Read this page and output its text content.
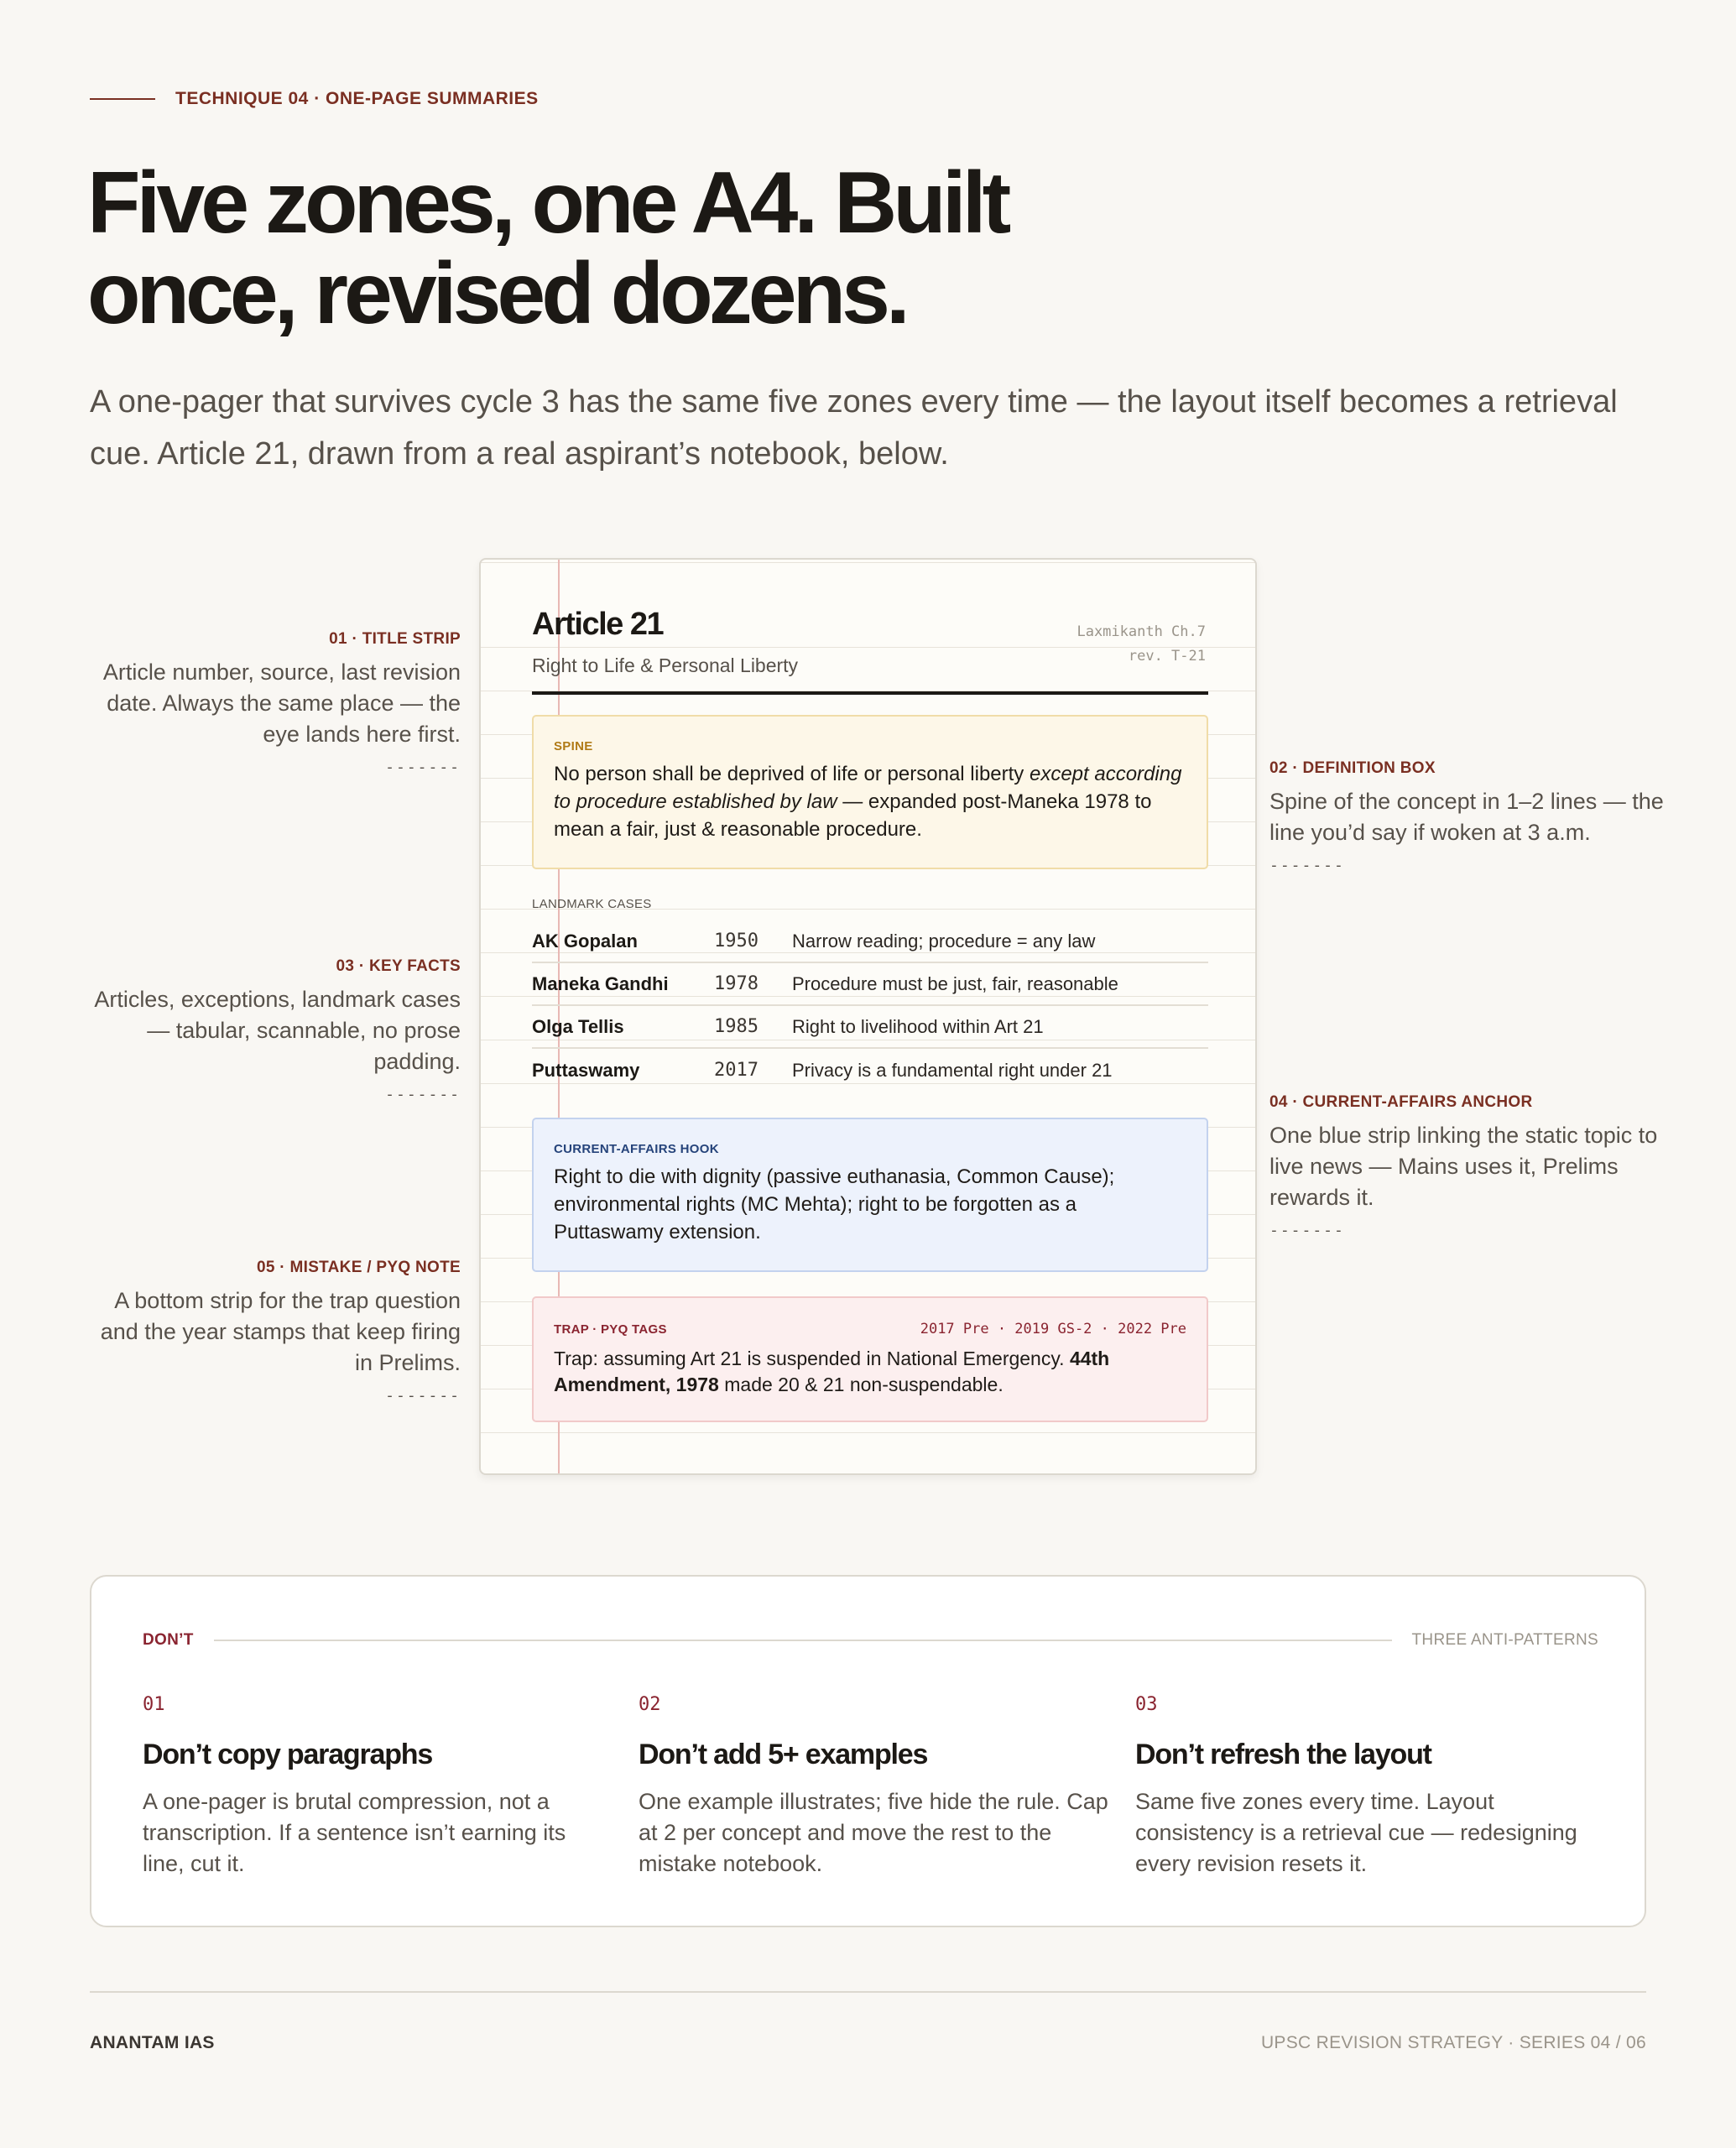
TECHNIQUE 04 · ONE-PAGE SUMMARIES
Five zones, one A4. Built
once, revised dozens.

A one-pager that survives cycle 3 has the same five zones every time — the layout itself becomes a retrieval cue. Article 21, drawn from a real aspirant’s notebook, below.

01 · TITLE STRIP
Article number, source, last revision date. Always the same place — the eye lands here first.
-------
03 · KEY FACTS
Articles, exceptions, landmark cases — tabular, scannable, no prose padding.
-------
05 · MISTAKE / PYQ NOTE
A bottom strip for the trap question and the year stamps that keep firing in Prelims.
-------
02 · DEFINITION BOX
Spine of the concept in 1–2 lines — the line you’d say if woken at 3 a.m.
-------
04 · CURRENT-AFFAIRS ANCHOR
One blue strip linking the static topic to live news — Mains uses it, Prelims rewards it.
-------
Article 21
Right to Life & Personal Liberty
Laxmikanth Ch.7
rev. T-21
SPINE
No person shall be deprived of life or personal liberty except according to procedure established by law — expanded post-Maneka 1978 to mean a fair, just & reasonable procedure.
LANDMARK CASES
AK Gopalan	1950	Narrow reading; procedure = any law
Maneka Gandhi	1978	Procedure must be just, fair, reasonable
Olga Tellis	1985	Right to livelihood within Art 21
Puttaswamy	2017	Privacy is a fundamental right under 21
CURRENT-AFFAIRS HOOK
Right to die with dignity (passive euthanasia, Common Cause); environmental rights (MC Mehta); right to be forgotten as a Puttaswamy extension.
TRAP · PYQ TAGS	2017 Pre · 2019 GS-2 · 2022 Pre
Trap: assuming Art 21 is suspended in National Emergency. 44th Amendment, 1978 made 20 & 21 non-suspendable.
DON’T	THREE ANTI-PATTERNS
01
Don’t copy paragraphs
A one-pager is brutal compression, not a transcription. If a sentence isn’t earning its line, cut it.
02
Don’t add 5+ examples
One example illustrates; five hide the rule. Cap at 2 per concept and move the rest to the mistake notebook.
03
Don’t refresh the layout
Same five zones every time. Layout consistency is a retrieval cue — redesigning every revision resets it.
ANANTAM IAS	UPSC REVISION STRATEGY · SERIES 04 / 06
